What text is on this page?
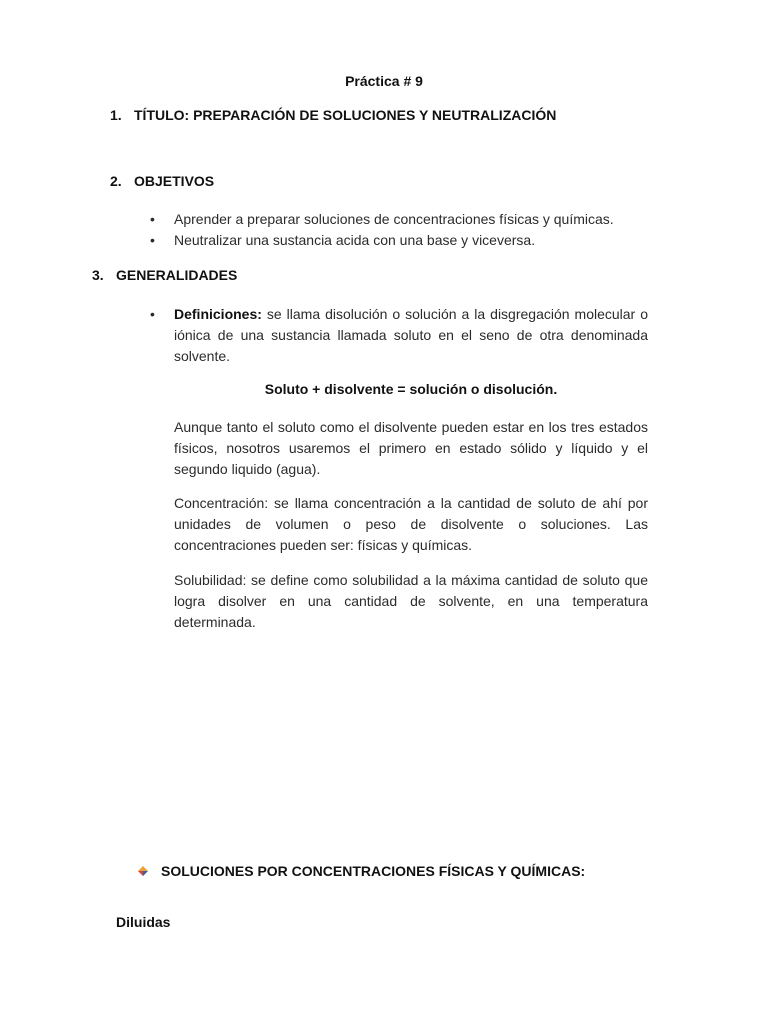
Práctica # 9
1. TÍTULO: PREPARACIÓN DE SOLUCIONES Y NEUTRALIZACIÓN
2. OBJETIVOS
•	Aprender a preparar soluciones de concentraciones físicas y químicas.
•	Neutralizar una sustancia acida con una base y viceversa.
3. GENERALIDADES
• Definiciones: se llama disolución o solución a la disgregación molecular o iónica de una sustancia llamada soluto en el seno de otra denominada solvente.
Soluto + disolvente = solución o disolución.
Aunque tanto el soluto como el disolvente pueden estar en los tres estados físicos, nosotros usaremos el primero en estado sólido y líquido y el segundo liquido (agua).
Concentración: se llama concentración a la cantidad de soluto de ahí por unidades de volumen o peso de disolvente o soluciones. Las concentraciones pueden ser: físicas y químicas.
Solubilidad: se define como solubilidad a la máxima cantidad de soluto que logra disolver en una cantidad de solvente, en una temperatura determinada.
SOLUCIONES POR CONCENTRACIONES FÍSICAS Y QUÍMICAS:
Diluidas
